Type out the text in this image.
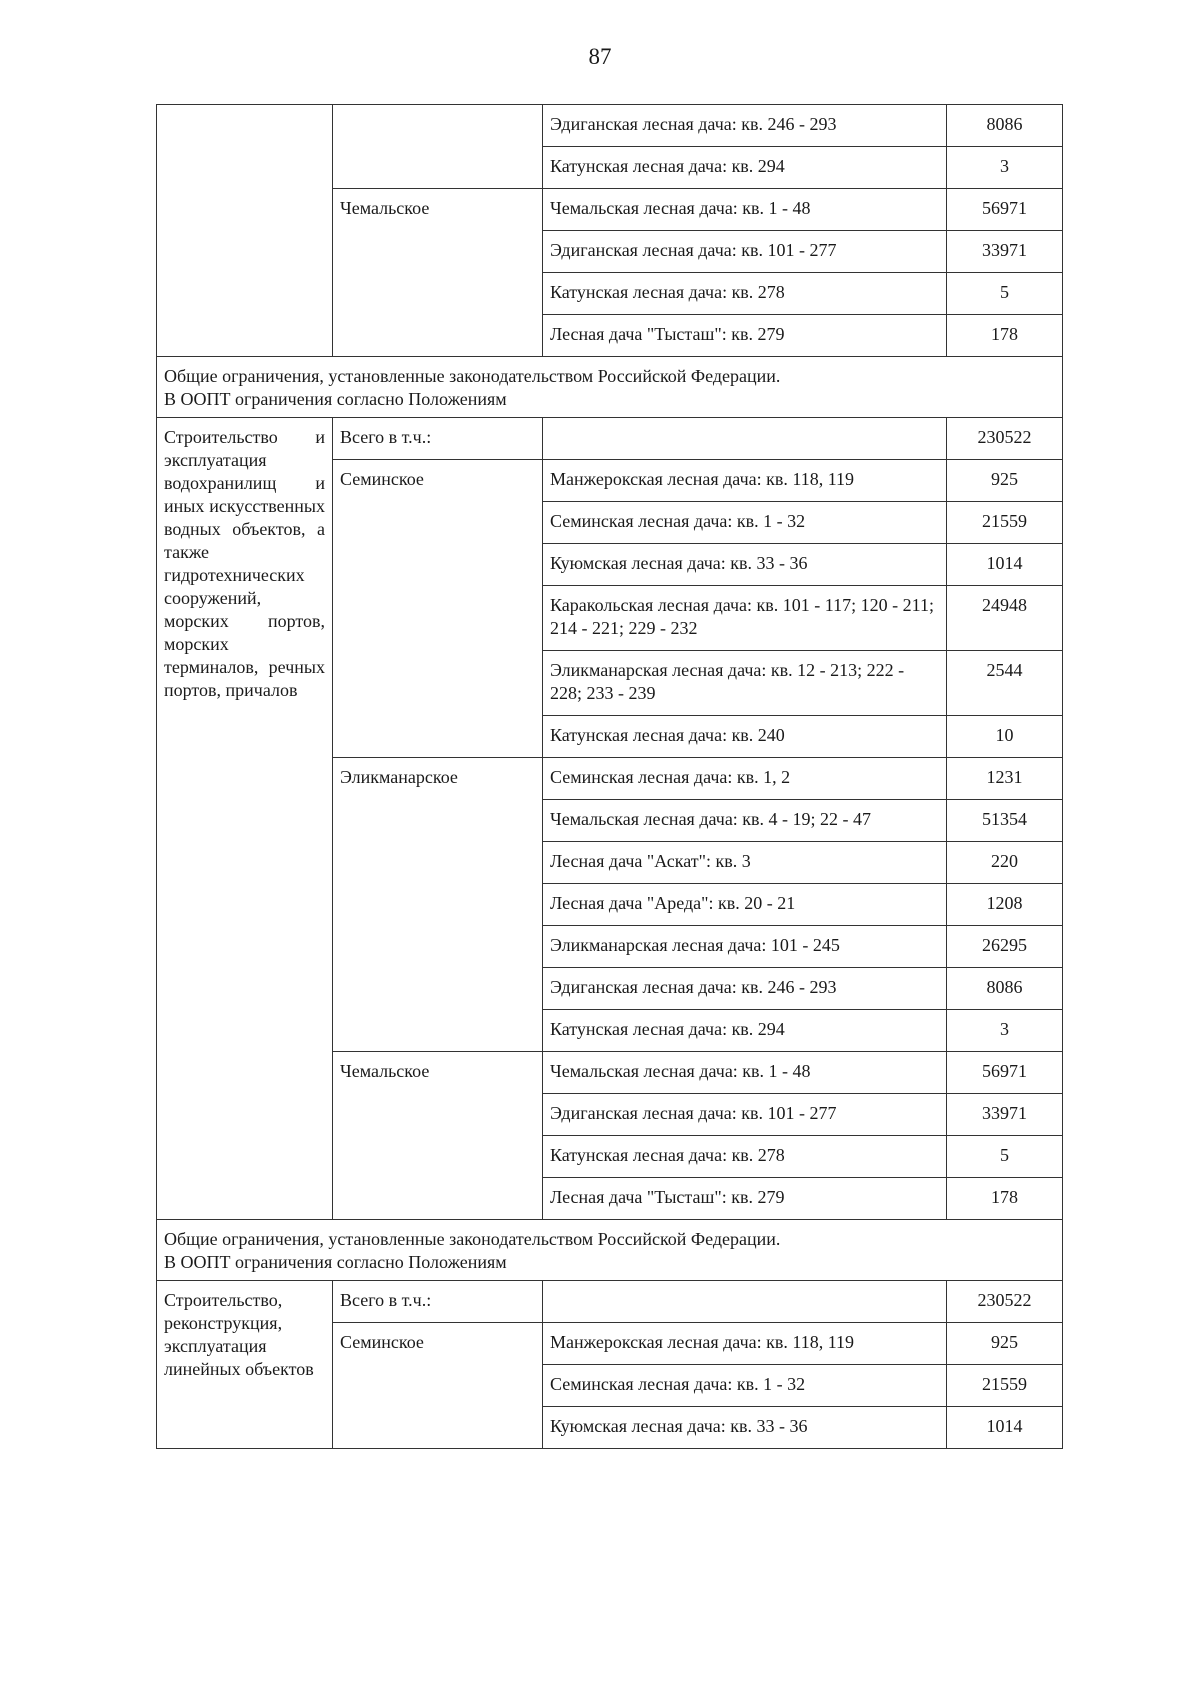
87
		Эдиганская лесная дача: кв. 246 - 293	8086
		Катунская лесная дача: кв. 294	3
	Чемальское	Чемальская лесная дача: кв. 1 - 48	56971
		Эдиганская лесная дача: кв. 101 - 277	33971
		Катунская лесная дача: кв. 278	5
		Лесная дача "Тысташ": кв. 279	178

Общие ограничения, установленные законодательством Российской Федерации.
В ООПТ ограничения согласно Положениям			

Строительство и эксплуатация водохранилищ и иных искусственных водных объектов, а также гидротехнических сооружений, морских портов, морских терминалов, речных портов, причалов	Всего в т.ч.:		230522
	Семинское	Манжерокская лесная дача: кв. 118, 119	925
		Семинская лесная дача: кв. 1 - 32	21559
		Куюмская лесная дача: кв. 33 - 36	1014
		Каракольская лесная дача: кв. 101 - 117; 120 - 211; 214 - 221; 229 - 232	24948
		Эликманарская лесная дача: кв. 12 - 213; 222 - 228; 233 - 239	2544
		Катунская лесная дача: кв. 240	10
	Эликманарское	Семинская лесная дача: кв. 1, 2	1231
		Чемальская лесная дача: кв. 4 - 19; 22 - 47	51354
		Лесная дача "Аскат": кв. 3	220
		Лесная дача "Ареда": кв. 20 - 21	1208
		Эликманарская лесная дача: 101 - 245	26295
		Эдиганская лесная дача: кв. 246 - 293	8086
		Катунская лесная дача: кв. 294	3
	Чемальское	Чемальская лесная дача: кв. 1 - 48	56971
		Эдиганская лесная дача: кв. 101 - 277	33971
		Катунская лесная дача: кв. 278	5
		Лесная дача "Тысташ": кв. 279	178

Общие ограничения, установленные законодательством Российской Федерации.
В ООПТ ограничения согласно Положениям			

Строительство, реконструкция, эксплуатация линейных объектов	Всего в т.ч.:		230522
	Семинское	Манжерокская лесная дача: кв. 118, 119	925
		Семинская лесная дача: кв. 1 - 32	21559
		Куюмская лесная дача: кв. 33 - 36	1014
